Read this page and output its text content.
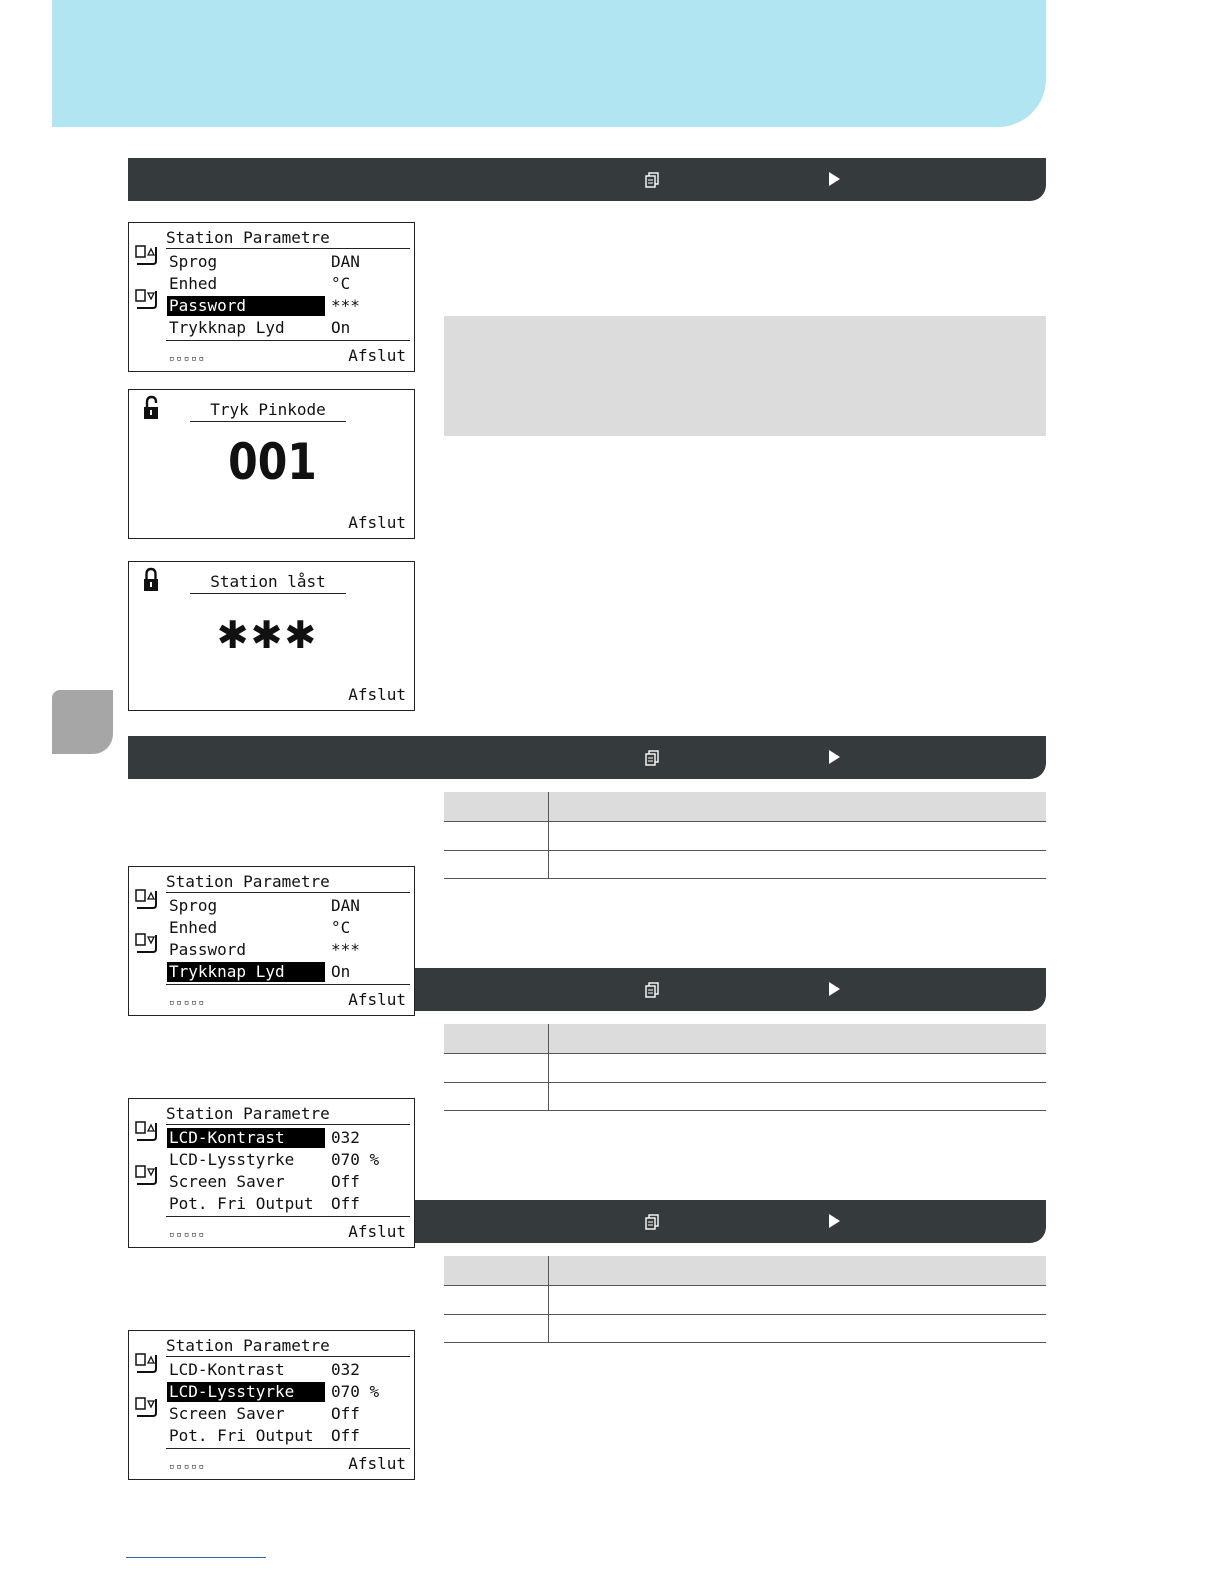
Station Parametre
Sprog	DAN
Enhed	°C
Password	***
Trykknap Lyd	On
▫▫▫▫▫	Afslut
Tryk Pinkode
001
Afslut
Station låst
✱✱✱
Afslut
Station Parametre
Sprog	DAN
Enhed	°C
Password	***
Trykknap Lyd	On
▫▫▫▫▫	Afslut
Station Parametre
LCD-Kontrast	032
LCD-Lysstyrke	070 %
Screen Saver	Off
Pot. Fri Output	Off
▫▫▫▫▫	Afslut
Station Parametre
LCD-Kontrast	032
LCD-Lysstyrke	070 %
Screen Saver	Off
Pot. Fri Output	Off
▫▫▫▫▫	Afslut
